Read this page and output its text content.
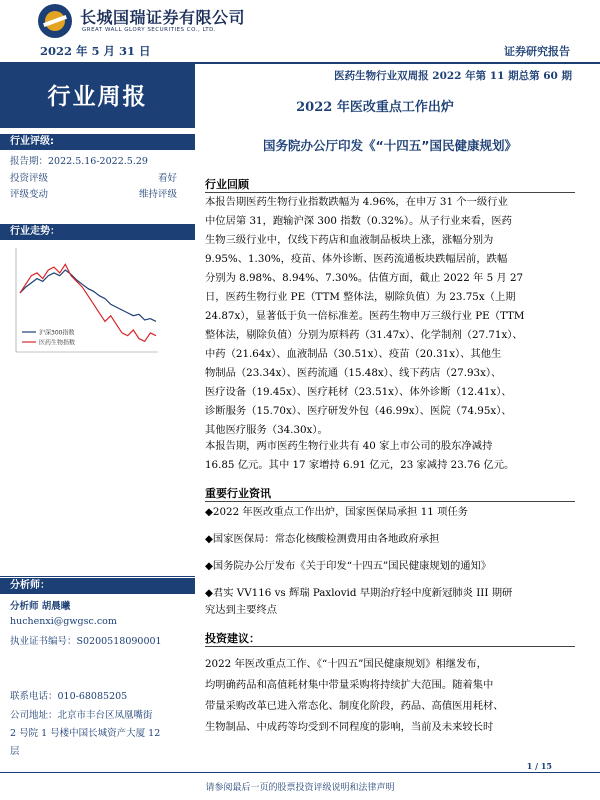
长城国瑞证券有限公司
GREAT WALL GLORY SECURITIES CO., LTD.
2022 年 5 月 31 日	证券研究报告
行业周报
行业评级:
报告期：2022.5.16-2022.5.29
投资评级	看好
评级变动	维持评级
行业走势：
沪深300指数
医药生物指数
分析师：
分析师 胡晨曦
huchenxi@gwgsc.com
执业证书编号：S0200518090001
联系电话：010-68085205
公司地址：北京市丰台区凤凰嘴街
2 号院 1 号楼中国长城资产大厦 12
层
医药生物行业双周报 2022 年第 11 期总第 60 期
2022 年医改重点工作出炉
国务院办公厅印发《“十四五”国民健康规划》
行业回顾
本报告期医药生物行业指数跌幅为 4.96%，在申万 31 个一级行业
中位居第 31，跑输沪深 300 指数（0.32%）。从子行业来看，医药
生物三级行业中，仅线下药店和血液制品板块上涨，涨幅分别为
9.95%、1.30%，疫苗、体外诊断、医药流通板块跌幅居前，跌幅
分别为 8.98%、8.94%、7.30%。估值方面，截止 2022 年 5 月 27
日，医药生物行业 PE（TTM 整体法，剔除负值）为 23.75x（上期
24.87x），显著低于负一倍标准差。医药生物申万三级行业 PE（TTM
整体法，剔除负值）分别为原料药（31.47x）、化学制剂（27.71x）、
中药（21.64x）、血液制品（30.51x）、疫苗（20.31x）、其他生
物制品（23.34x）、医药流通（15.48x）、线下药店（27.93x）、
医疗设备（19.45x）、医疗耗材（23.51x）、体外诊断（12.41x）、
诊断服务（15.70x）、医疗研发外包（46.99x）、医院（74.95x）、
其他医疗服务（34.30x）。
本报告期，两市医药生物行业共有 40 家上市公司的股东净减持
16.85 亿元。其中 17 家增持 6.91 亿元，23 家减持 23.76 亿元。
重要行业资讯
◆2022 年医改重点工作出炉，国家医保局承担 11 项任务
◆国家医保局：常态化核酸检测费用由各地政府承担
◆国务院办公厅发布《关于印发“十四五”国民健康规划的通知》
◆君实 VV116 vs 辉瑞 Paxlovid 早期治疗轻中度新冠肺炎 III 期研
究达到主要终点
投资建议：
2022 年医改重点工作、《“十四五”国民健康规划》相继发布，
均明确药品和高值耗材集中带量采购将持续扩大范围。随着集中
带量采购改革已进入常态化、制度化阶段，药品、高值医用耗材、
生物制品、中成药等均受到不同程度的影响，当前及未来较长时
1 / 15
请参阅最后一页的股票投资评级说明和法律声明
